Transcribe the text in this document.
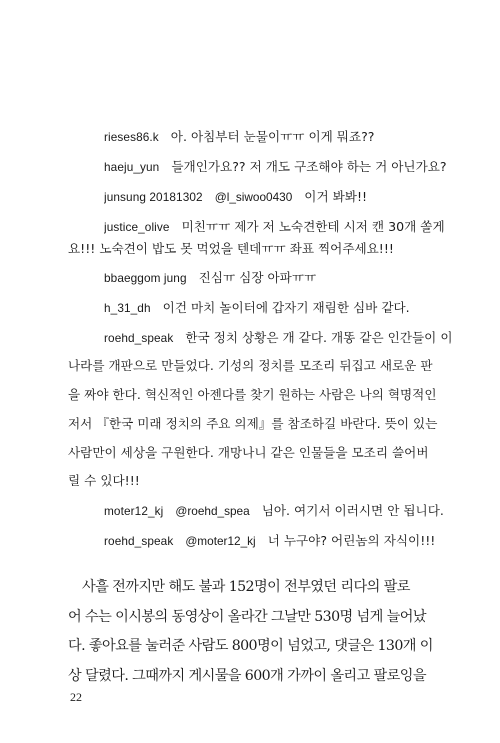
rieses86.k 아. 아침부터 눈물이ㅠㅠ 이게 뭐죠??
haeju_yun 들개인가요?? 저 개도 구조해야 하는 거 아닌가요?
junsung 20181302 @l_siwoo0430 이거 봐봐!!
justice_olive 미친ㅠㅠ 제가 저 노숙견한테 시저 캔 30개 쏠게
요!!! 노숙견이 밥도 못 먹었을 텐데ㅠㅠ 좌표 찍어주세요!!!
bbaeggom jung 진심ㅠ 심장 아파ㅠㅠ
h_31_dh 이건 마치 놀이터에 갑자기 재림한 심바 같다.
roehd_speak 한국 정치 상황은 개 같다. 개똥 같은 인간들이 이
나라를 개판으로 만들었다. 기성의 정치를 모조리 뒤집고 새로운 판
을 짜야 한다. 혁신적인 아젠다를 찾기 원하는 사람은 나의 혁명적인
저서 『한국 미래 정치의 주요 의제』를 참조하길 바란다. 뜻이 있는
사람만이 세상을 구원한다. 개망나니 같은 인물들을 모조리 쓸어버
릴 수 있다!!!
moter12_kj @roehd_spea 님아. 여기서 이러시면 안 됩니다.
roehd_speak @moter12_kj 너 누구야? 어린놈의 자식이!!!
사흘 전까지만 해도 불과 152명이 전부였던 리다의 팔로
어 수는 이시봉의 동영상이 올라간 그날만 530명 넘게 늘어났
다. 좋아요를 눌러준 사람도 800명이 넘었고, 댓글은 130개 이
상 달렸다. 그때까지 게시물을 600개 가까이 올리고 팔로잉을
22
